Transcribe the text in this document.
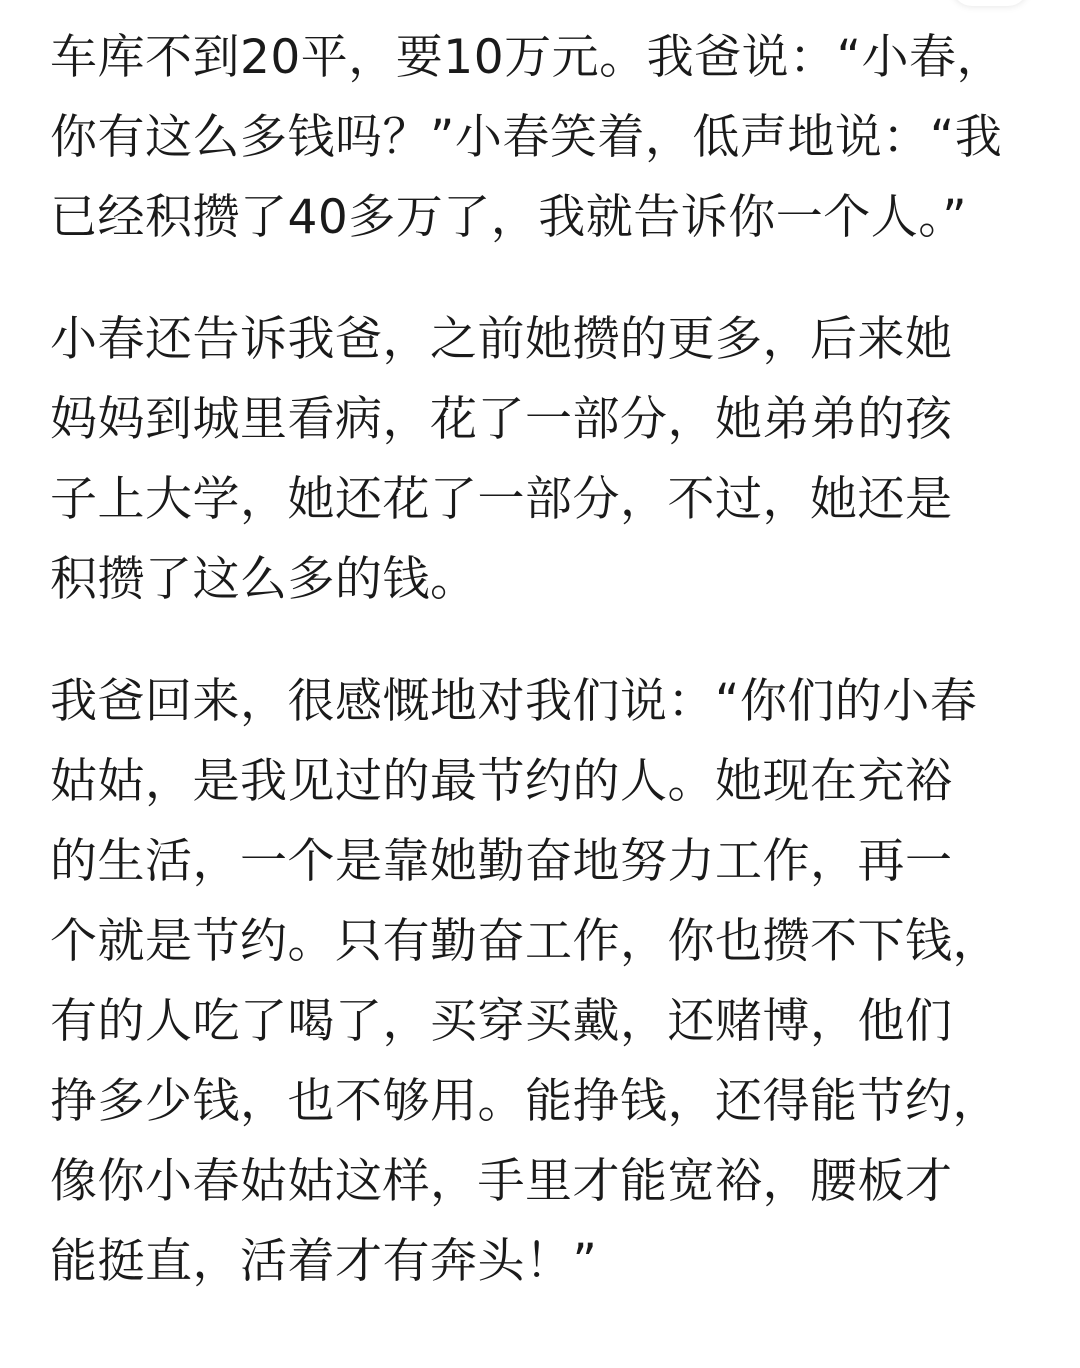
车库不到20平，要10万元。我爸说：“小春，
你有这么多钱吗？”小春笑着，低声地说：“我
已经积攒了40多万了，我就告诉你一个人。”
小春还告诉我爸，之前她攒的更多，后来她
妈妈到城里看病，花了一部分，她弟弟的孩
子上大学，她还花了一部分，不过，她还是
积攒了这么多的钱。
我爸回来，很感慨地对我们说：“你们的小春
姑姑，是我见过的最节约的人。她现在充裕
的生活，一个是靠她勤奋地努力工作，再一
个就是节约。只有勤奋工作，你也攒不下钱，
有的人吃了喝了，买穿买戴，还赌博，他们
挣多少钱，也不够用。能挣钱，还得能节约，
像你小春姑姑这样，手里才能宽裕，腰板才
能挺直，活着才有奔头！”
